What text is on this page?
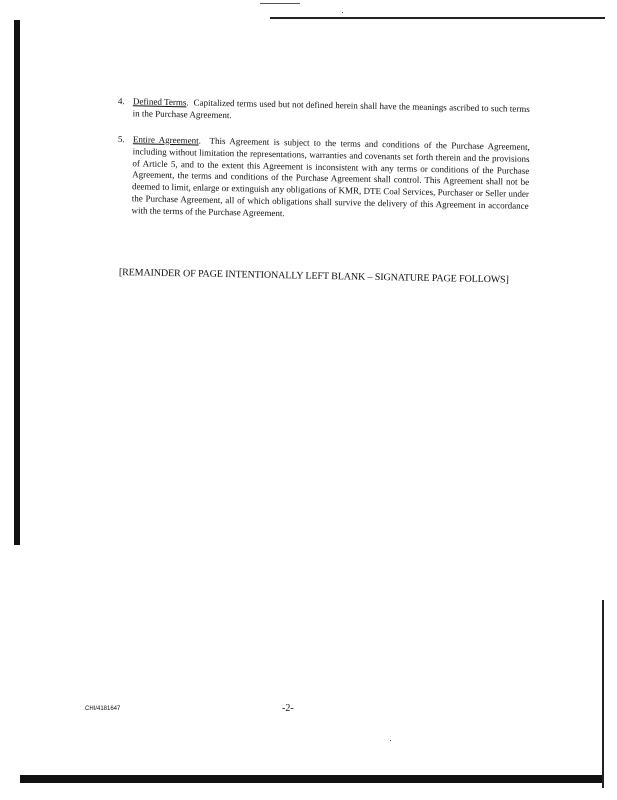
4. Defined Terms.  Capitalized terms used but not defined herein shall have the meanings ascribed to such terms in the Purchase Agreement.
5. Entire Agreement.  This Agreement is subject to the terms and conditions of the Purchase Agreement, including without limitation the representations, warranties and covenants set forth therein and the provisions of Article 5, and to the extent this Agreement is inconsistent with any terms or conditions of the Purchase Agreement, the terms and conditions of the Purchase Agreement shall control. This Agreement shall not be deemed to limit, enlarge or extinguish any obligations of KMR, DTE Coal Services, Purchaser or Seller under the Purchase Agreement, all of which obligations shall survive the delivery of this Agreement in accordance with the terms of the Purchase Agreement.
[REMAINDER OF PAGE INTENTIONALLY LEFT BLANK – SIGNATURE PAGE FOLLOWS]
CHI/4181647	-2-
